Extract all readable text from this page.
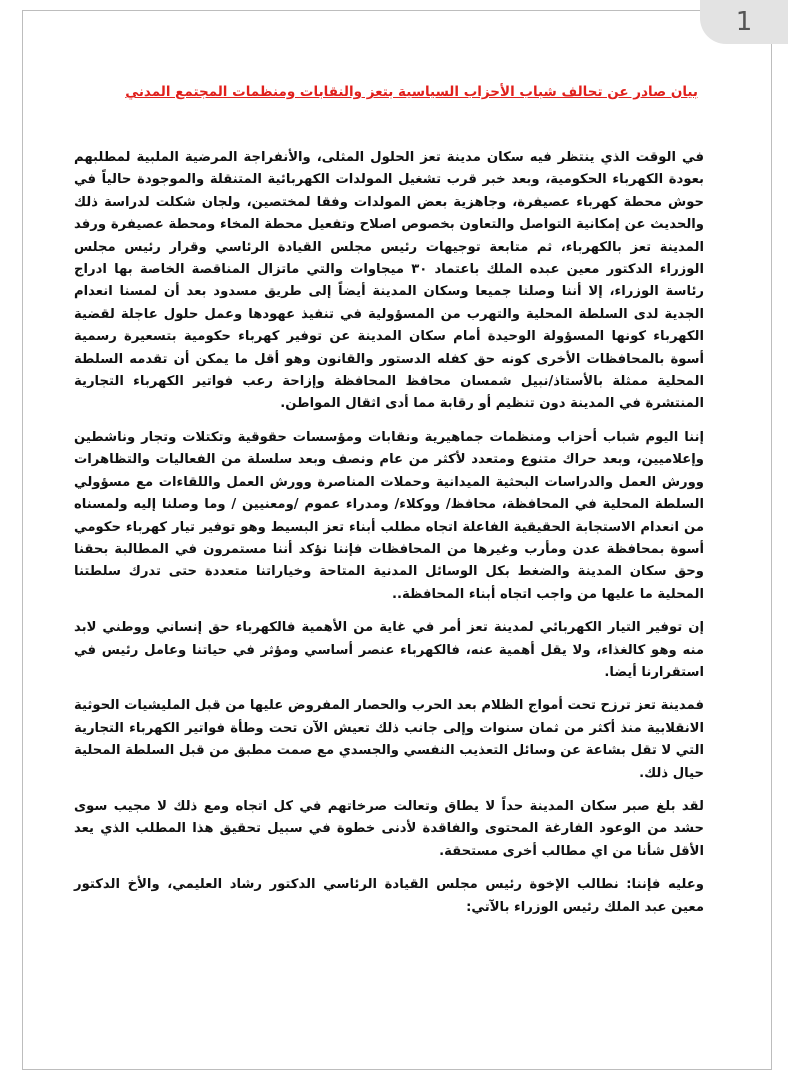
1
بيان صادر عن تحالف شباب الأحزاب السياسية بتعز والنقابات ومنظمات المجتمع المدني

في الوقت الذي ينتظر فيه سكان مدينة تعز الحلول المثلى، والأنفراجة المرضية الملبية لمطلبهم بعودة الكهرباء الحكومية، وبعد خبر قرب تشغيل المولدات الكهربائية المتنقلة والموجودة حالياً في حوش محطة كهرباء عصيفرة، وجاهزية بعض المولدات وفقا لمختصين، ولجان شكلت لدراسة ذلك والحديث عن إمكانية التواصل والتعاون بخصوص اصلاح وتفعيل محطة المخاء ومحطة عصيفرة ورفد المدينة تعز بالكهرباء، ثم متابعة توجيهات رئيس مجلس القيادة الرئاسي وقرار رئيس مجلس الوزراء الدكتور معين عبده الملك باعتماد ٣٠ ميجاوات والتي ماتزال المناقصة الخاصة بها ادراج رئاسة الوزراء، إلا أننا وصلنا جميعا وسكان المدينة أيضاً إلى طريق مسدود بعد أن لمسنا انعدام الجدية لدى السلطة المحلية والتهرب من المسؤولية في تنفيذ عهودها وعمل حلول عاجلة لقضية الكهرباء كونها المسؤولة الوحيدة أمام سكان المدينة عن توفير كهرباء حكومية بتسعيرة رسمية أسوة بالمحافظات الأخرى كونه حق كفله الدستور والقانون وهو أقل ما يمكن أن تقدمه السلطة المحلية ممثلة بالأستاذ/نبيل شمسان محافظ المحافظة وإزاحة رعب فواتير الكهرباء التجارية المنتشرة في المدينة دون تنظيم أو رقابة مما أدى اثقال المواطن.

إننا اليوم شباب أحزاب ومنظمات جماهيرية ونقابات ومؤسسات حقوقية وتكتلات وتجار وناشطين وإعلاميين، وبعد حراك متنوع ومتعدد لأكثر من عام ونصف وبعد سلسلة من الفعاليات والتظاهرات وورش العمل والدراسات البحثية الميدانية وحملات المناصرة وورش العمل واللقاءات مع مسؤولي السلطة المحلية في المحافظة، محافظ/ ووكلاء/ ومدراء عموم /ومعنيين / وما وصلنا إليه ولمسناه من انعدام الاستجابة الحقيقية الفاعلة اتجاه مطلب أبناء تعز البسيط وهو توفير تيار كهرباء حكومي أسوة بمحافظة عدن ومأرب وغيرها من المحافظات فإننا نؤكد أننا مستمرون في المطالبة بحقنا وحق سكان المدينة والضغط بكل الوسائل المدنية المتاحة وخياراتنا متعددة حتى تدرك سلطتنا المحلية ما عليها من واجب اتجاه أبناء المحافظة..

إن توفير التيار الكهربائي لمدينة تعز أمر في غاية من الأهمية فالكهرباء حق إنساني ووطني لابد منه وهو كالغذاء، ولا يقل أهمية عنه، فالكهرباء عنصر أساسي ومؤثر في حياتنا وعامل رئيس في استقرارنا أيضا.

فمدينة تعز ترزح تحت أمواج الظلام بعد الحرب والحصار المفروض عليها من قبل المليشيات الحوثية الانقلابية منذ أكثر من ثمان سنوات وإلى جانب ذلك تعيش الآن تحت وطأة فواتير الكهرباء التجارية التي لا تقل بشاعة عن وسائل التعذيب النفسي والجسدي مع صمت مطبق من قبل السلطة المحلية حيال ذلك.

لقد بلغ صبر سكان المدينة حداً لا يطاق وتعالت صرخاتهم في كل اتجاه ومع ذلك لا مجيب سوى حشد من الوعود الفارغة المحتوى والفاقدة لأدنى خطوة في سبيل تحقيق هذا المطلب الذي يعد الأقل شأنا من اي مطالب أخرى مستحقة.

وعليه فإننا: نطالب الإخوة رئيس مجلس القيادة الرئاسي الدكتور رشاد العليمي، والأخ الدكتور معين عبد الملك رئيس الوزراء بالآتي:
